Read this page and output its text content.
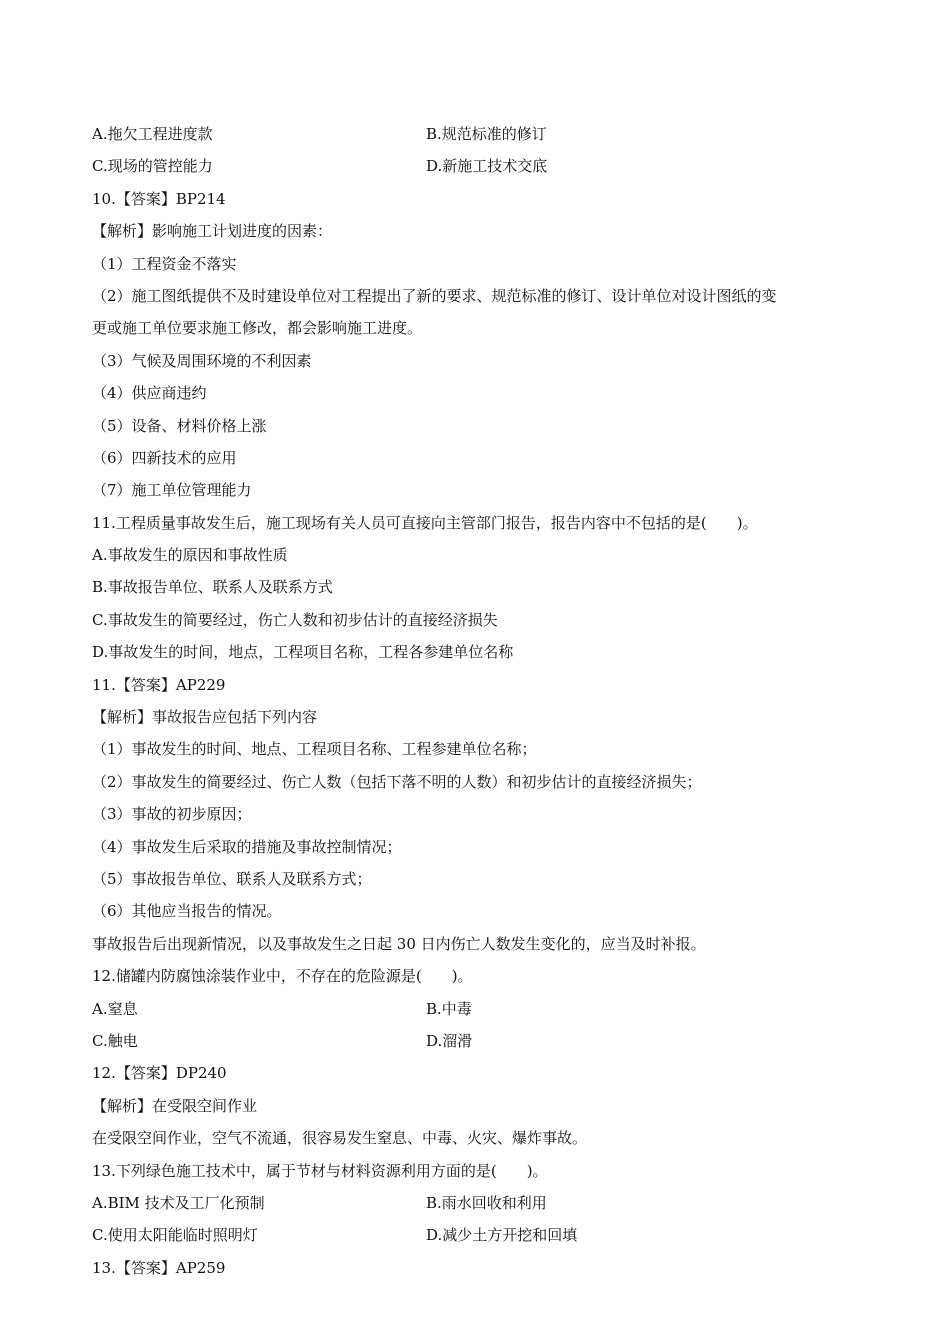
A.拖欠工程进度款	B.规范标准的修订
C.现场的管控能力	D.新施工技术交底
10.【答案】BP214
【解析】影响施工计划进度的因素：
（1）工程资金不落实
（2）施工图纸提供不及时建设单位对工程提出了新的要求、规范标准的修订、设计单位对设计图纸的变
更或施工单位要求施工修改，都会影响施工进度。
（3）气候及周围环境的不利因素
（4）供应商违约
（5）设备、材料价格上涨
（6）四新技术的应用
（7）施工单位管理能力
11.工程质量事故发生后，施工现场有关人员可直接向主管部门报告，报告内容中不包括的是(　　)。
A.事故发生的原因和事故性质
B.事故报告单位、联系人及联系方式
C.事故发生的简要经过，伤亡人数和初步估计的直接经济损失
D.事故发生的时间，地点，工程项目名称，工程各参建单位名称
11.【答案】AP229
【解析】事故报告应包括下列内容
（1）事故发生的时间、地点、工程项目名称、工程参建单位名称；
（2）事故发生的简要经过、伤亡人数（包括下落不明的人数）和初步估计的直接经济损失；
（3）事故的初步原因；
（4）事故发生后采取的措施及事故控制情况；
（5）事故报告单位、联系人及联系方式；
（6）其他应当报告的情况。
事故报告后出现新情况，以及事故发生之日起 30 日内伤亡人数发生变化的，应当及时补报。
12.储罐内防腐蚀涂装作业中，不存在的危险源是(　　)。
A.窒息	B.中毒
C.触电	D.溜滑
12.【答案】DP240
【解析】在受限空间作业
在受限空间作业，空气不流通，很容易发生窒息、中毒、火灾、爆炸事故。
13.下列绿色施工技术中，属于节材与材料资源利用方面的是(　　)。
A.BIM 技术及工厂化预制	B.雨水回收和利用
C.使用太阳能临时照明灯	D.减少土方开挖和回填
13.【答案】AP259
